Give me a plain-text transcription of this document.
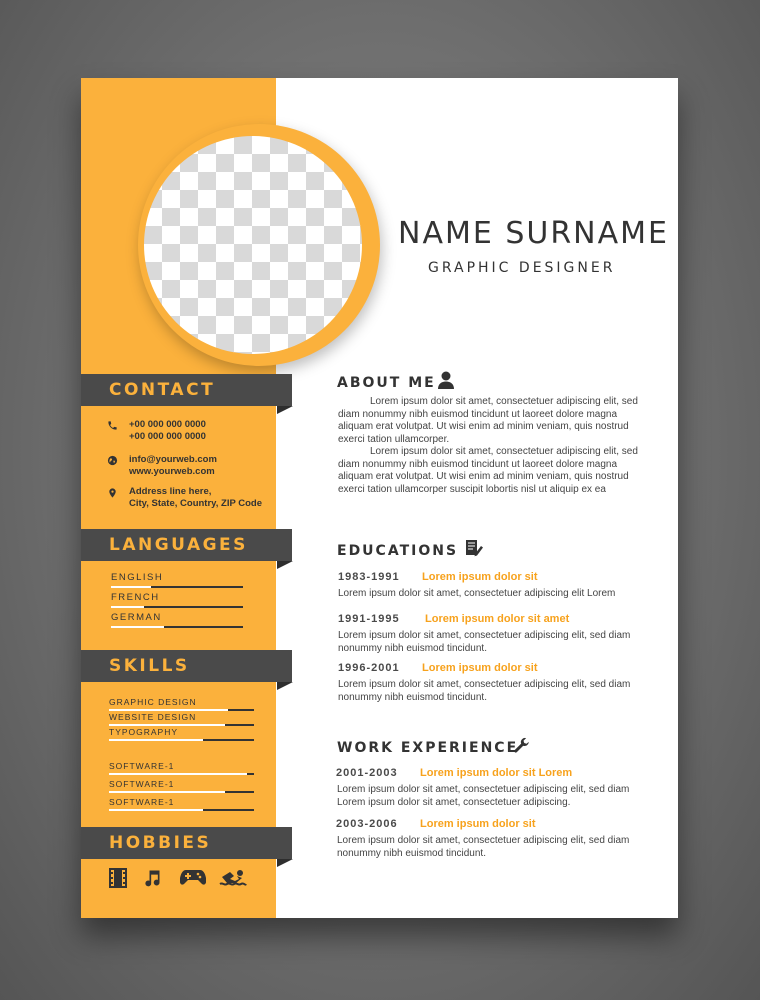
NAME SURNAME
GRAPHIC DESIGNER
CONTACT
+00 000 000 0000
+00 000 000 0000
info@yourweb.com
www.yourweb.com
Address line here,
City, State, Country, ZIP Code
LANGUAGES
ENGLISH
FRENCH
GERMAN
SKILLS
GRAPHIC DESIGN
WEBSITE DESIGN
TYPOGRAPHY
SOFTWARE-1
SOFTWARE-1
SOFTWARE-1
HOBBIES
ABOUT ME
Lorem ipsum dolor sit amet, consectetuer adipiscing elit, sed diam nonummy nibh euismod tincidunt ut laoreet dolore magna aliquam erat volutpat. Ut wisi enim ad minim veniam, quis nostrud exerci tation ullamcorper.
Lorem ipsum dolor sit amet, consectetuer adipiscing elit, sed diam nonummy nibh euismod tincidunt ut laoreet dolore magna aliquam erat volutpat. Ut wisi enim ad minim veniam, quis nostrud exerci tation ullamcorper suscipit lobortis nisl ut aliquip ex ea
EDUCATIONS
1983-1991 Lorem ipsum dolor sit
Lorem ipsum dolor sit amet, consectetuer adipiscing elit Lorem
1991-1995 Lorem ipsum dolor sit amet
Lorem ipsum dolor sit amet, consectetuer adipiscing elit, sed diam nonummy nibh euismod tincidunt.
1996-2001 Lorem ipsum dolor sit
Lorem ipsum dolor sit amet, consectetuer adipiscing elit, sed diam nonummy nibh euismod tincidunt.
WORK EXPERIENCE
2001-2003 Lorem ipsum dolor sit Lorem
Lorem ipsum dolor sit amet, consectetuer adipiscing elit, sed diam Lorem ipsum dolor sit amet, consectetuer adipiscing.
2003-2006 Lorem ipsum dolor sit
Lorem ipsum dolor sit amet, consectetuer adipiscing elit, sed diam nonummy nibh euismod tincidunt.
